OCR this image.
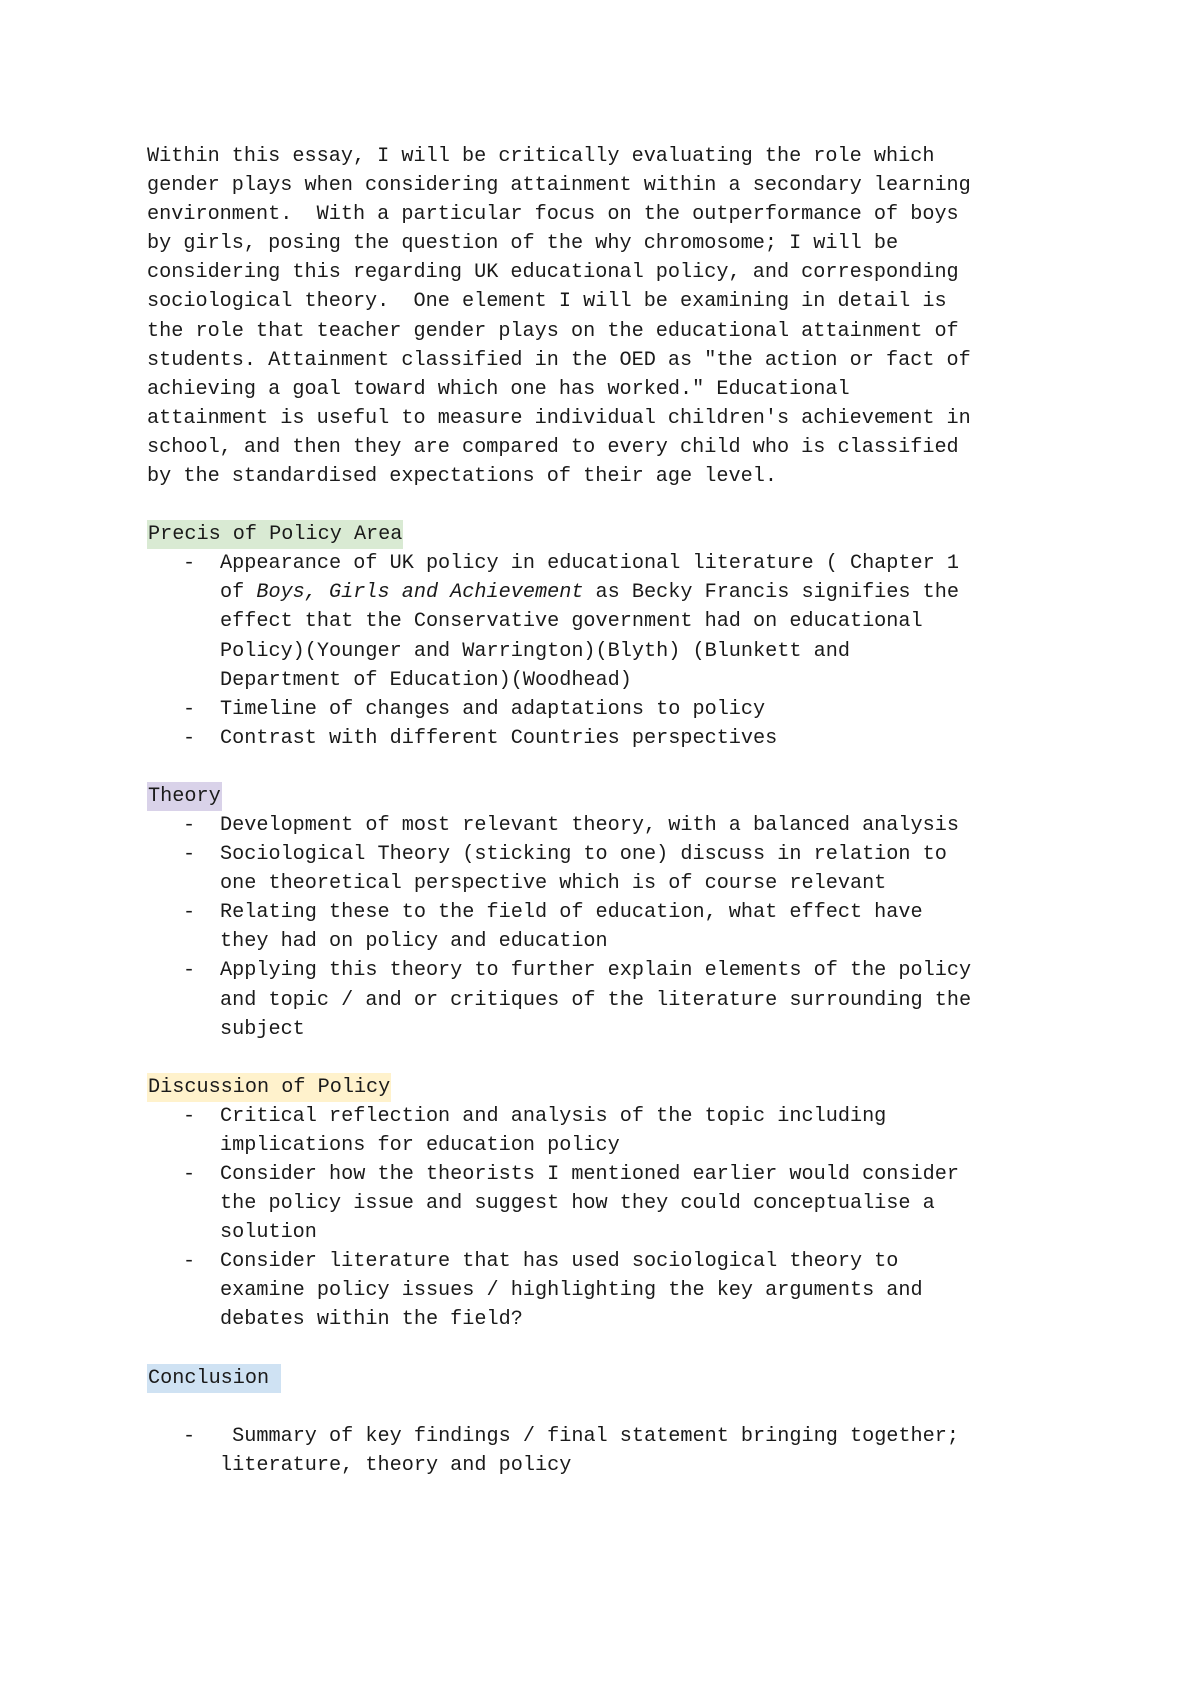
Within this essay, I will be critically evaluating the role which
gender plays when considering attainment within a secondary learning
environment.  With a particular focus on the outperformance of boys
by girls, posing the question of the why chromosome; I will be
considering this regarding UK educational policy, and corresponding
sociological theory.  One element I will be examining in detail is
the role that teacher gender plays on the educational attainment of
students. Attainment classified in the OED as "the action or fact of
achieving a goal toward which one has worked." Educational
attainment is useful to measure individual children's achievement in
school, and then they are compared to every child who is classified
by the standardised expectations of their age level.

Precis of Policy Area
- Appearance of UK policy in educational literature ( Chapter 1
of Boys, Girls and Achievement as Becky Francis signifies the
effect that the Conservative government had on educational
Policy)(Younger and Warrington)(Blyth) (Blunkett and
Department of Education)(Woodhead)
- Timeline of changes and adaptations to policy
- Contrast with different Countries perspectives
Theory
- Development of most relevant theory, with a balanced analysis
- Sociological Theory (sticking to one) discuss in relation to
one theoretical perspective which is of course relevant
- Relating these to the field of education, what effect have
they had on policy and education
- Applying this theory to further explain elements of the policy
and topic / and or critiques of the literature surrounding the
subject
Discussion of Policy
- Critical reflection and analysis of the topic including
implications for education policy
- Consider how the theorists I mentioned earlier would consider
the policy issue and suggest how they could conceptualise a
solution
- Consider literature that has used sociological theory to
examine policy issues / highlighting the key arguments and
debates within the field?
Conclusion
- Summary of key findings / final statement bringing together;
literature, theory and policy
